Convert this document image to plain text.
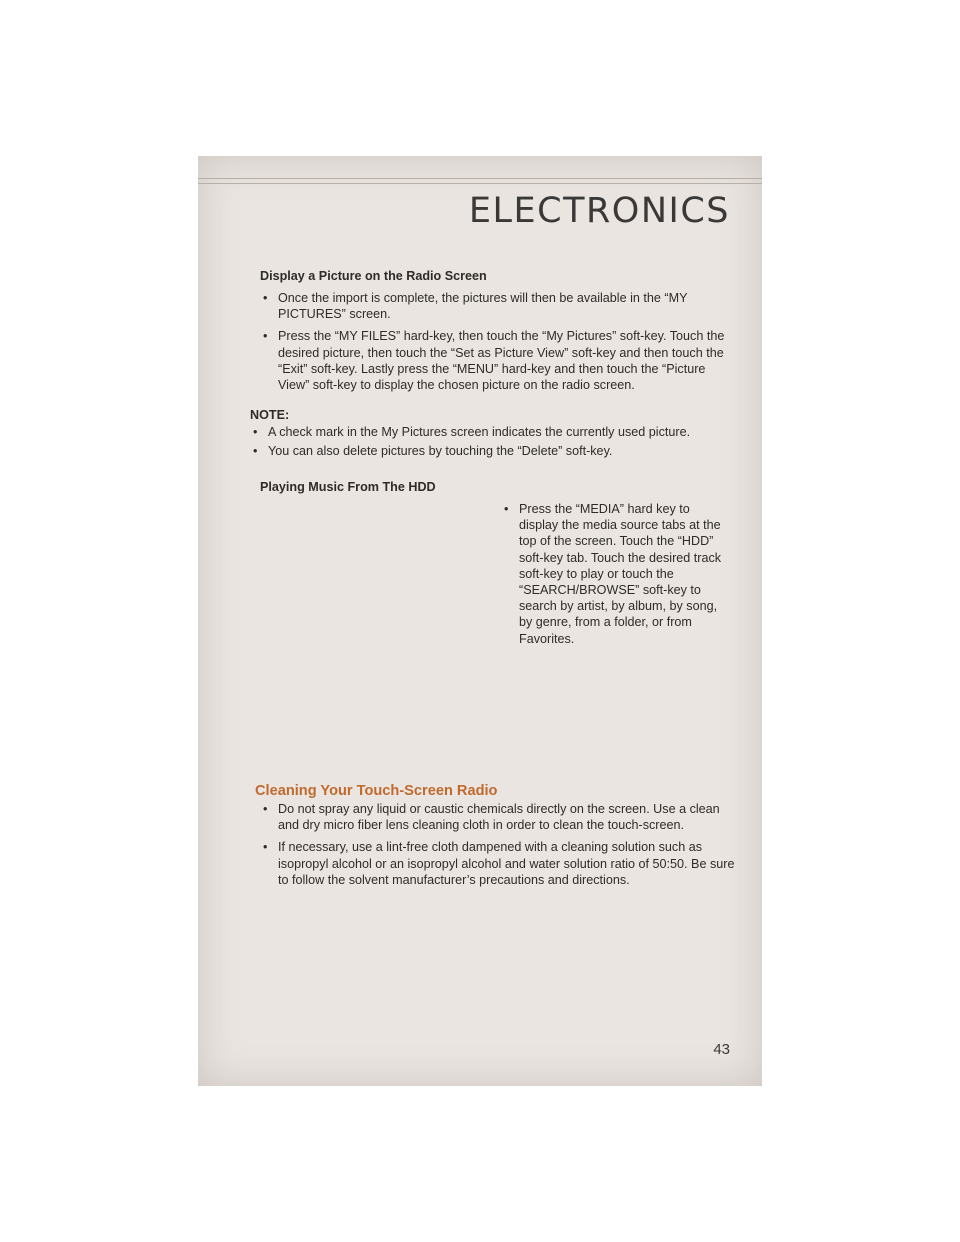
ELECTRONICS
Display a Picture on the Radio Screen
• Once the import is complete, the pictures will then be available in the “MY PICTURES” screen.
• Press the “MY FILES” hard-key, then touch the “My Pictures” soft-key. Touch the desired picture, then touch the “Set as Picture View” soft-key and then touch the “Exit” soft-key. Lastly press the “MENU” hard-key and then touch the “Picture View” soft-key to display the chosen picture on the radio screen.

NOTE:

• A check mark in the My Pictures screen indicates the currently used picture.
• You can also delete pictures by touching the “Delete” soft-key.
Playing Music From The HDD
• Press the “MEDIA” hard key to display the media source tabs at the top of the screen. Touch the “HDD” soft-key tab. Touch the desired track soft-key to play or touch the “SEARCH/BROWSE” soft-key to search by artist, by album, by song, by genre, from a folder, or from Favorites.
Cleaning Your Touch-Screen Radio
• Do not spray any liquid or caustic chemicals directly on the screen. Use a clean and dry micro fiber lens cleaning cloth in order to clean the touch-screen.
• If necessary, use a lint-free cloth dampened with a cleaning solution such as isopropyl alcohol or an isopropyl alcohol and water solution ratio of 50:50. Be sure to follow the solvent manufacturer’s precautions and directions.
43
